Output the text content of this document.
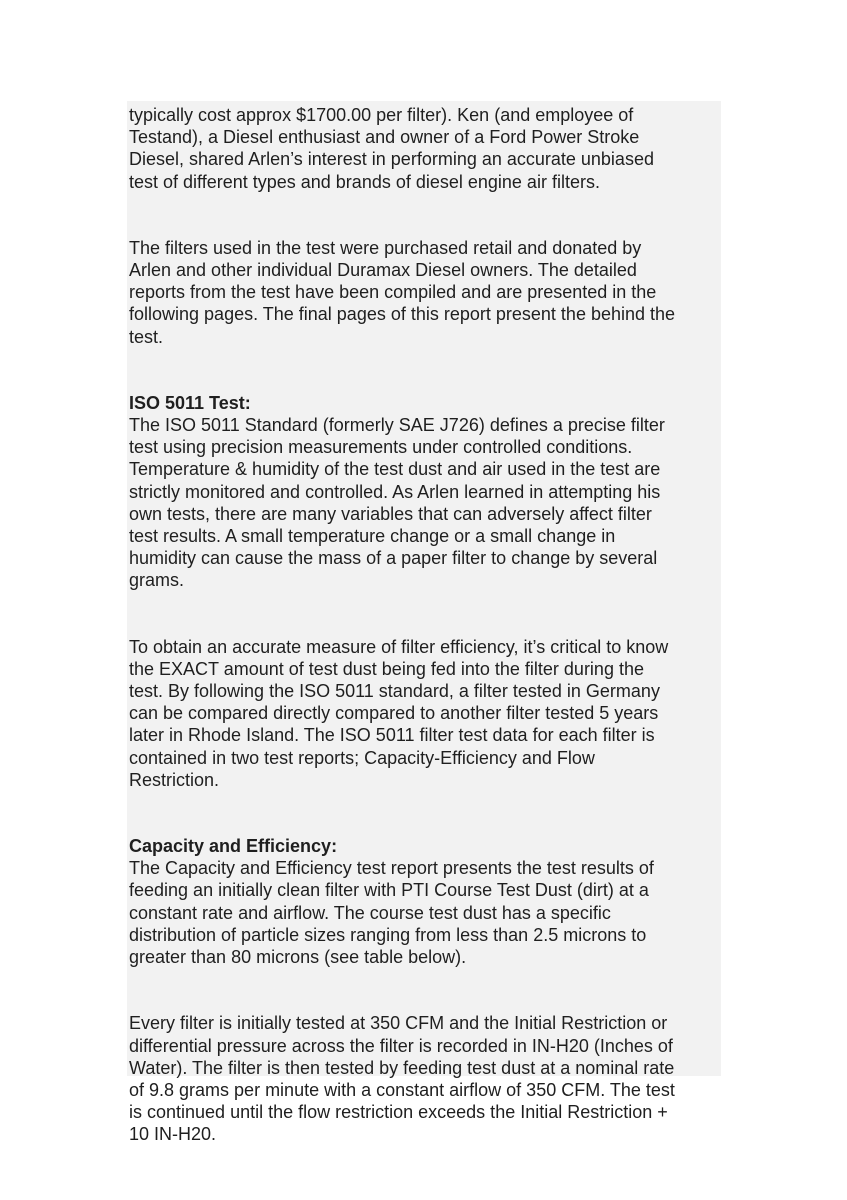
typically cost approx $1700.00 per filter). Ken (and employee of
Testand), a Diesel enthusiast and owner of a Ford Power Stroke
Diesel, shared Arlen’s interest in performing an accurate unbiased
test of different types and brands of diesel engine air filters.

The filters used in the test were purchased retail and donated by
Arlen and other individual Duramax Diesel owners. The detailed
reports from the test have been compiled and are presented in the
following pages. The final pages of this report present the behind the
test.

ISO 5011 Test:

The ISO 5011 Standard (formerly SAE J726) defines a precise filter
test using precision measurements under controlled conditions.
Temperature & humidity of the test dust and air used in the test are
strictly monitored and controlled. As Arlen learned in attempting his
own tests, there are many variables that can adversely affect filter
test results. A small temperature change or a small change in
humidity can cause the mass of a paper filter to change by several
grams.

To obtain an accurate measure of filter efficiency, it’s critical to know
the EXACT amount of test dust being fed into the filter during the
test. By following the ISO 5011 standard, a filter tested in Germany
can be compared directly compared to another filter tested 5 years
later in Rhode Island. The ISO 5011 filter test data for each filter is
contained in two test reports; Capacity-Efficiency and Flow
Restriction.

Capacity and Efficiency:

The Capacity and Efficiency test report presents the test results of
feeding an initially clean filter with PTI Course Test Dust (dirt) at a
constant rate and airflow. The course test dust has a specific
distribution of particle sizes ranging from less than 2.5 microns to
greater than 80 microns (see table below).

Every filter is initially tested at 350 CFM and the Initial Restriction or
differential pressure across the filter is recorded in IN-H20 (Inches of
Water). The filter is then tested by feeding test dust at a nominal rate
of 9.8 grams per minute with a constant airflow of 350 CFM. The test
is continued until the flow restriction exceeds the Initial Restriction +
10 IN-H20.
